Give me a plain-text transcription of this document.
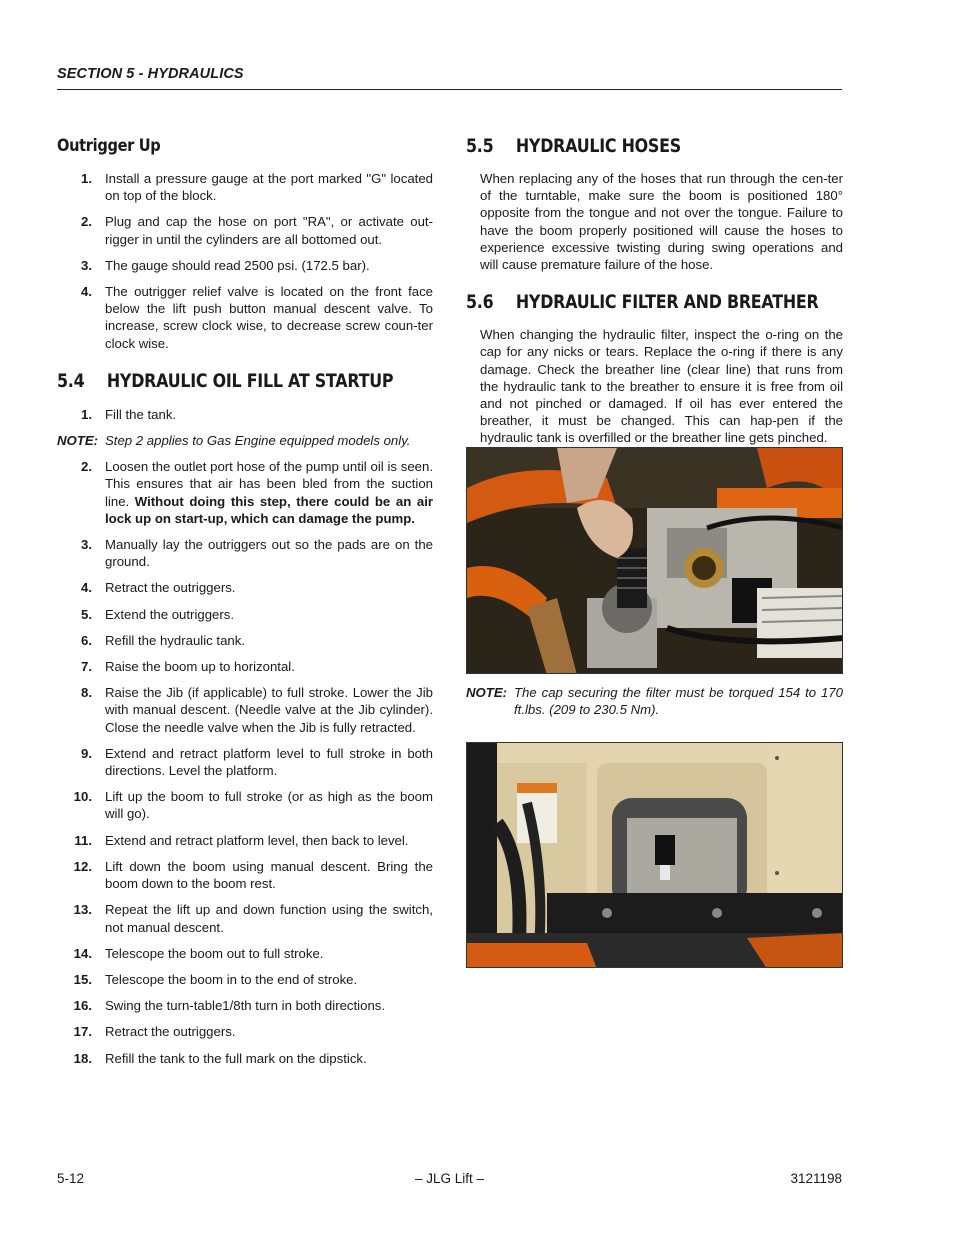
SECTION 5 - HYDRAULICS
Outrigger Up
1. Install a pressure gauge at the port marked "G" located on top of the block.
2. Plug and cap the hose on port "RA", or activate out-rigger in until the cylinders are all bottomed out.
3. The gauge should read 2500 psi. (172.5 bar).
4. The outrigger relief valve is located on the front face below the lift push button manual descent valve. To increase, screw clock wise, to decrease screw coun-ter clock wise.
5.4 HYDRAULIC OIL FILL AT STARTUP
1. Fill the tank.
NOTE: Step 2 applies to Gas Engine equipped models only.
2. Loosen the outlet port hose of the pump until oil is seen. This ensures that air has been bled from the suction line. Without doing this step, there could be an air lock up on start-up, which can damage the pump.
3. Manually lay the outriggers out so the pads are on the ground.
4. Retract the outriggers.
5. Extend the outriggers.
6. Refill the hydraulic tank.
7. Raise the boom up to horizontal.
8. Raise the Jib (if applicable) to full stroke. Lower the Jib with manual descent. (Needle valve at the Jib cylinder). Close the needle valve when the Jib is fully retracted.
9. Extend and retract platform level to full stroke in both directions. Level the platform.
10. Lift up the boom to full stroke (or as high as the boom will go).
11. Extend and retract platform level, then back to level.
12. Lift down the boom using manual descent. Bring the boom down to the boom rest.
13. Repeat the lift up and down function using the switch, not manual descent.
14. Telescope the boom out to full stroke.
15. Telescope the boom in to the end of stroke.
16. Swing the turn-table1/8th turn in both directions.
17. Retract the outriggers.
18. Refill the tank to the full mark on the dipstick.
5.5 HYDRAULIC HOSES

When replacing any of the hoses that run through the cen-ter of the turntable, make sure the boom is positioned 180° opposite from the tongue and not over the tongue. Failure to have the boom properly positioned will cause the hoses to experience excessive twisting during swing operations and will cause premature failure of the hose.

5.6 HYDRAULIC FILTER AND BREATHER

When changing the hydraulic filter, inspect the o-ring on the cap for any nicks or tears. Replace the o-ring if there is any damage. Check the breather line (clear line) that runs from the hydraulic tank to the breather to ensure it is free from oil and not pinched or damaged. If oil has ever entered the breather, it must be changed. This can hap-pen if the hydraulic tank is overfilled or the breather line gets pinched.

NOTE: The cap securing the filter must be torqued 154 to 170 ft.lbs. (209 to 230.5 Nm).
5-12	– JLG Lift –	3121198
